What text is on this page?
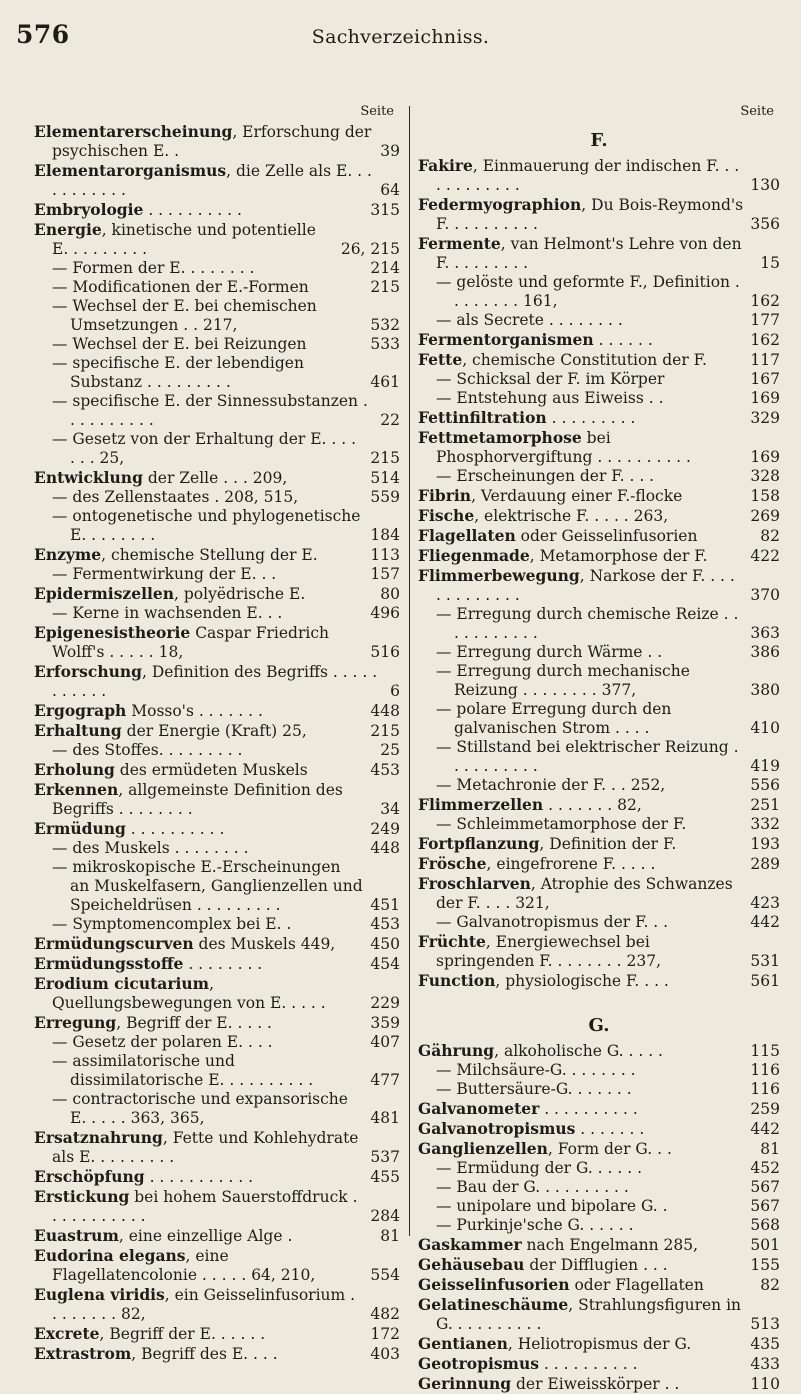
576	Sachverzeichniss.
Seite
Elementarerscheinung, Erforschung der psychischen E. .	39
Elementarorganismus, die Zelle als E. . . . . . . . . . .	64
Embryologie . . . . . . . . . .	315
Energie, kinetische und potentielle E. . . . . . . . .	26, 215
— Formen der E. . . . . . . .	214
— Modificationen der E.-Formen	215
— Wechsel der E. bei chemischen Umsetzungen . . 217,	532
— Wechsel der E. bei Reizungen	533
— specifische E. der lebendigen Substanz . . . . . . . . .	461
— specifische E. der Sinnessubstanzen . . . . . . . . . .	22
— Gesetz von der Erhaltung der E. . . . . . . 25,	215
Entwicklung der Zelle . . . 209,	514
— des Zellenstaates . 208, 515,	559
— ontogenetische und phylogenetische E. . . . . . . .	184
Enzyme, chemische Stellung der E.	113
— Fermentwirkung der E. . .	157
Epidermiszellen, polyëdrische E.	80
— Kerne in wachsenden E. . .	496
Epigenesistheorie Caspar Friedrich Wolff's . . . . . 18,	516
Erforschung, Definition des Begriffs . . . . . . . . . . .	6
Ergograph Mosso's . . . . . . .	448
Erhaltung der Energie (Kraft) 25,	215
— des Stoffes. . . . . . . . .	25
Erholung des ermüdeten Muskels	453
Erkennen, allgemeinste Definition des Begriffs . . . . . . . .	34
Ermüdung . . . . . . . . . .	249
— des Muskels . . . . . . . .	448
— mikroskopische E.-Erscheinungen an Muskelfasern, Ganglienzellen und Speicheldrüsen . . . . . . . . .	451
— Symptomencomplex bei E. .	453
Ermüdungscurven des Muskels 449,	450
Ermüdungsstoffe . . . . . . . .	454
Erodium cicutarium, Quellungsbewegungen von E. . . . .	229
Erregung, Begriff der E. . . . .	359
— Gesetz der polaren E. . . .	407
— assimilatorische und dissimilatorische E. . . . . . . . . .	477
— contractorische und expansorische E. . . . . 363, 365,	481
Ersatznahrung, Fette und Kohlehydrate als E. . . . . . . . .	537
Erschöpfung . . . . . . . . . . .	455
Erstickung bei hohem Sauerstoffdruck . . . . . . . . . . .	284
Euastrum, eine einzellige Alge .	81
Eudorina elegans, eine Flagellatencolonie . . . . . 64, 210,	554
Euglena viridis, ein Geisselinfusorium . . . . . . . . 82,	482
Excrete, Begriff der E. . . . . .	172
Extrastrom, Begriff des E. . . .	403
Seite
F.
Fakire, Einmauerung der indischen F. . . . . . . . . . . .	130
Federmyographion, Du Bois-Reymond's F. . . . . . . . . .	356
Fermente, van Helmont's Lehre von den F. . . . . . . . .	15
— gelöste und geformte F., Definition . . . . . . . . 161,	162
— als Secrete . . . . . . . .	177
Fermentorganismen . . . . . .	162
Fette, chemische Constitution der F.	117
— Schicksal der F. im Körper	167
— Entstehung aus Eiweiss . .	169
Fettinfiltration . . . . . . . . .	329
Fettmetamorphose bei Phosphorvergiftung . . . . . . . . . .	169
— Erscheinungen der F. . . .	328
Fibrin, Verdauung einer F.-flocke	158
Fische, elektrische F. . . . . 263,	269
Flagellaten oder Geisselinfusorien	82
Fliegenmade, Metamorphose der F.	422
Flimmerbewegung, Narkose der F. . . . . . . . . . . . .	370
— Erregung durch chemische Reize . . . . . . . . . . .	363
— Erregung durch Wärme . .	386
— Erregung durch mechanische Reizung . . . . . . . . 377,	380
— polare Erregung durch den galvanischen Strom . . . .	410
— Stillstand bei elektrischer Reizung . . . . . . . . . .	419
— Metachronie der F. . . 252,	556
Flimmerzellen . . . . . . . 82,	251
— Schleimmetamorphose der F.	332
Fortpflanzung, Definition der F.	193
Frösche, eingefrorene F. . . . .	289
Froschlarven, Atrophie des Schwanzes der F. . . . 321,	423
— Galvanotropismus der F. . .	442
Früchte, Energiewechsel bei springenden F. . . . . . . . 237,	531
Function, physiologische F. . . .	561
G.
Gährung, alkoholische G. . . . .	115
— Milchsäure-G. . . . . . . .	116
— Buttersäure-G. . . . . . .	116
Galvanometer . . . . . . . . . .	259
Galvanotropismus . . . . . . .	442
Ganglienzellen, Form der G. . .	81
— Ermüdung der G. . . . . .	452
— Bau der G. . . . . . . . . .	567
— unipolare und bipolare G. .	567
— Purkinje'sche G. . . . . .	568
Gaskammer nach Engelmann 285,	501
Gehäusebau der Difflugien . . .	155
Geisselinfusorien oder Flagellaten	82
Gelatineschäume, Strahlungsfiguren in G. . . . . . . . . .	513
Gentianen, Heliotropismus der G.	435
Geotropismus . . . . . . . . . .	433
Gerinnung der Eiweisskörper . .	110
